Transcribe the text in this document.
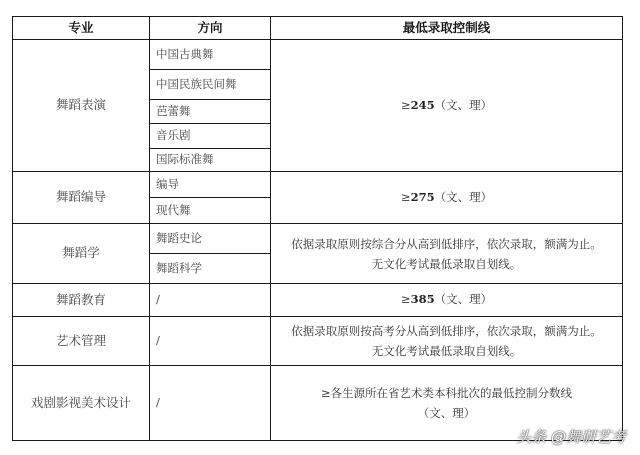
专业	方向	最低录取控制线
舞蹈表演	中国古典舞	≥245（文、理）
	中国民族民间舞	
	芭蕾舞	
	音乐剧	
	国际标准舞	
舞蹈编导	编导	≥275（文、理）
	现代舞	
舞蹈学	舞蹈史论	依据录取原则按综合分从高到低排序，依次录取，额满为止。
无文化考试最低录取自划线。

	舞蹈科学	
舞蹈教育	/	≥385（文、理）
艺术管理	/	依据录取原则按高考分从高到低排序，依次录取，额满为止。
无文化考试最低录取自划线。

戏剧影视美术设计	/	≥各生源所在省艺术类本科批次的最低控制分数线
（文、理）
头条 @舞研艺考
